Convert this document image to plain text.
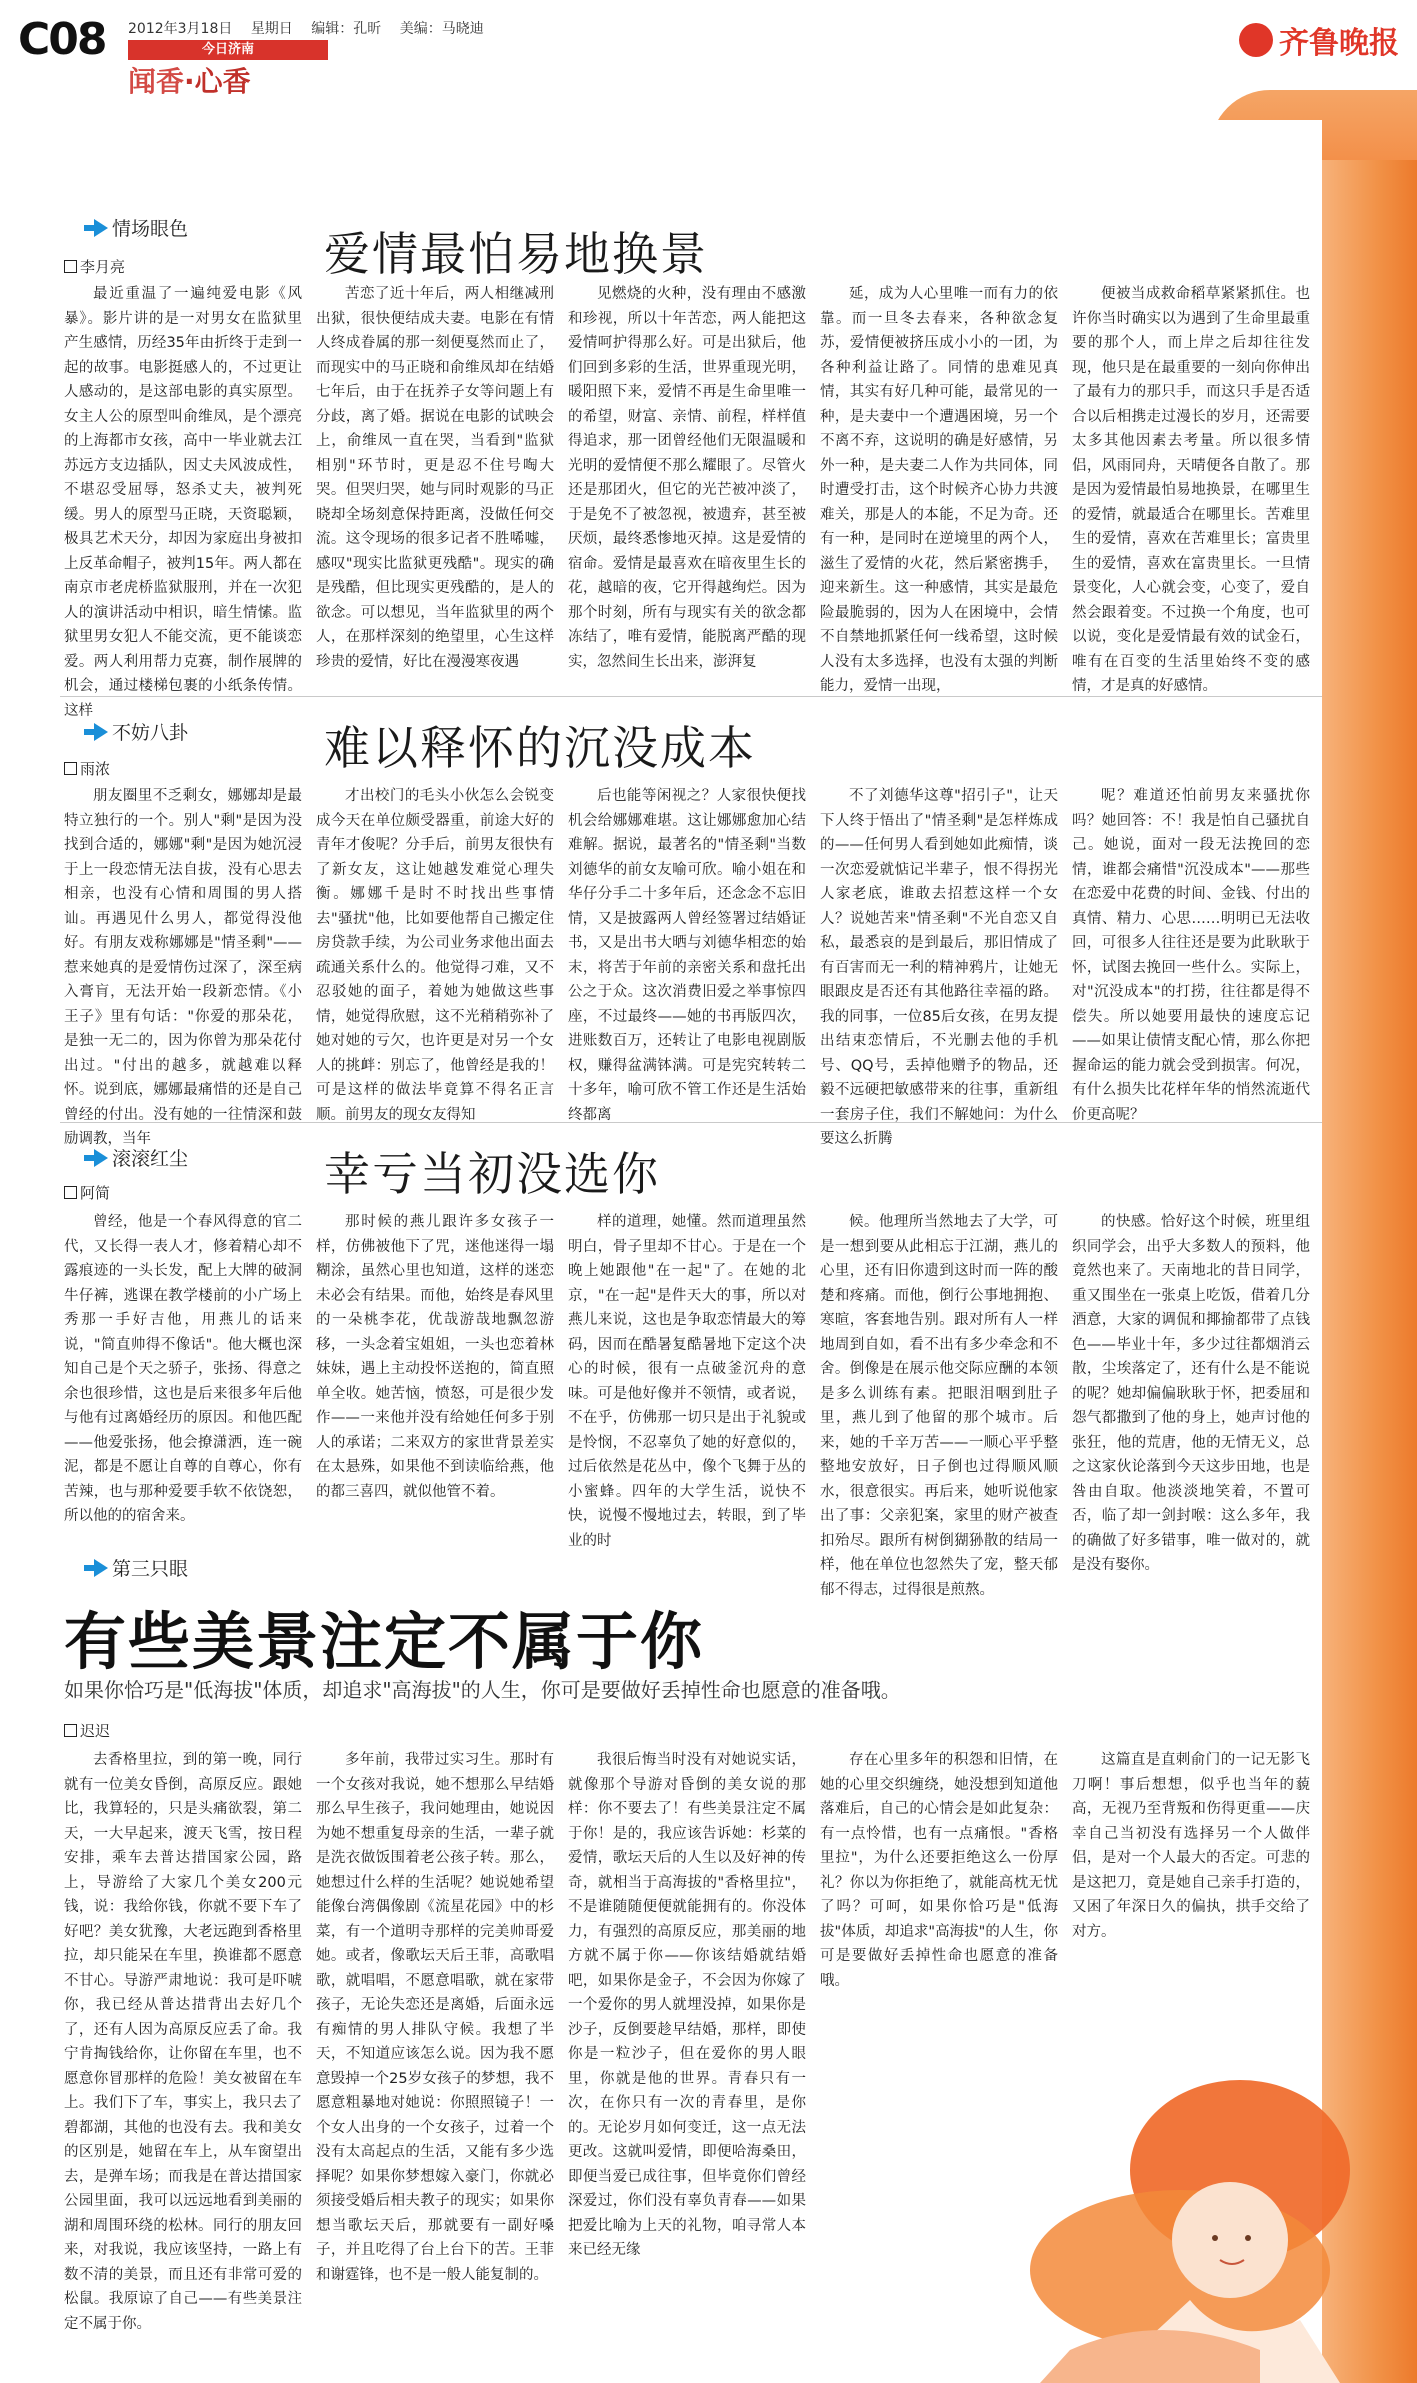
C08 2012年3月18日 星期日 编辑：孔昕 美编：马晓迪
今日济南
闻香·心香
齐鲁晚报
情场眼色	爱情最怕易地换景
李月亮
最近重温了一遍纯爱电影《风暴》。影片讲的是一对男女在监狱里产生感情，历经35年由折终于走到一起的故事。电影挺感人的，不过更让人感动的，是这部电影的真实原型。女主人公的原型叫俞维凤，是个漂亮的上海都市女孩，高中一毕业就去江苏远方支边插队，因丈夫风波成性，不堪忍受屈辱，怒杀丈夫，被判死缓。男人的原型马正晓，天资聪颖，极具艺术天分，却因为家庭出身被扣上反革命帽子，被判15年。两人都在南京市老虎桥监狱服刑，并在一次犯人的演讲活动中相识，暗生情愫。监狱里男女犯人不能交流，更不能谈恋爱。两人利用帮力克赛，制作展牌的机会，通过楼梯包裹的小纸条传情。这样
苦恋了近十年后，两人相继减刑出狱，很快便结成夫妻。电影在有情人终成眷属的那一刻便戛然而止了，而现实中的马正晓和俞维凤却在结婚七年后，由于在抚养子女等问题上有分歧，离了婚。据说在电影的试映会上，俞维凤一直在哭，当看到"监狱相别"环节时，更是忍不住号啕大哭。但哭归哭，她与同时观影的马正晓却全场刻意保持距离，没做任何交流。这令现场的很多记者不胜唏嘘，感叹"现实比监狱更残酷"。现实的确是残酷，但比现实更残酷的，是人的欲念。可以想见，当年监狱里的两个人，在那样深刻的绝望里，心生这样珍贵的爱情，好比在漫漫寒夜遇
见燃烧的火种，没有理由不感激和珍视，所以十年苦恋，两人能把这爱情呵护得那么好。可是出狱后，他们回到多彩的生活，世界重现光明，暖阳照下来，爱情不再是生命里唯一的希望，财富、亲情、前程，样样值得追求，那一团曾经他们无限温暖和光明的爱情便不那么耀眼了。尽管火还是那团火，但它的光芒被冲淡了，于是免不了被忽视，被遗弃，甚至被厌烦，最终悉惨地灭掉。这是爱情的宿命。爱情是最喜欢在暗夜里生长的花，越暗的夜，它开得越绚烂。因为那个时刻，所有与现实有关的欲念都冻结了，唯有爱情，能脱离严酷的现实，忽然间生长出来，澎湃复
延，成为人心里唯一而有力的依靠。而一旦冬去春来，各种欲念复苏，爱情便被挤压成小小的一团，为各种利益让路了。同情的患难见真情，其实有好几种可能，最常见的一种，是夫妻中一个遭遇困境，另一个不离不弃，这说明的确是好感情，另外一种，是夫妻二人作为共同体，同时遭受打击，这个时候齐心协力共渡难关，那是人的本能，不足为奇。还有一种，是同时在逆境里的两个人，滋生了爱情的火花，然后紧密携手，迎来新生。这一种感情，其实是最危险最脆弱的，因为人在困境中，会情不自禁地抓紧任何一线希望，这时候人没有太多选择，也没有太强的判断能力，爱情一出现，
便被当成救命稻草紧紧抓住。也许你当时确实以为遇到了生命里最重要的那个人，而上岸之后却往往发现，他只是在最重要的一刻向你伸出了最有力的那只手，而这只手是否适合以后相携走过漫长的岁月，还需要太多其他因素去考量。所以很多情侣，风雨同舟，天晴便各自散了。那是因为爱情最怕易地换景，在哪里生的爱情，就最适合在哪里长。苦难里生的爱情，喜欢在苦难里长；富贵里生的爱情，喜欢在富贵里长。一旦情景变化，人心就会变，心变了，爱自然会跟着变。不过换一个角度，也可以说，变化是爱情最有效的试金石，唯有在百变的生活里始终不变的感情，才是真的好感情。
不妨八卦	难以释怀的沉没成本
雨浓
朋友圈里不乏剩女，娜娜却是最特立独行的一个。别人"剩"是因为没找到合适的，娜娜"剩"是因为她沉浸于上一段恋情无法自拔，没有心思去相亲，也没有心情和周围的男人搭讪。再遇见什么男人，都觉得没他好。有朋友戏称娜娜是"情圣剩"——惹来她真的是爱情伤过深了，深至病入膏肓，无法开始一段新恋情。《小王子》里有句话："你爱的那朵花，是独一无二的，因为你曾为那朵花付出过。"付出的越多，就越难以释怀。说到底，娜娜最痛惜的还是自己曾经的付出。没有她的一往情深和鼓励调教，当年
才出校门的毛头小伙怎么会锐变成今天在单位颇受器重，前途大好的青年才俊呢？分手后，前男友很快有了新女友，这让她越发难觉心理失衡。娜娜千是时不时找出些事情去"骚扰"他，比如要他帮自己搬定住房贷款手续，为公司业务求他出面去疏通关系什么的。他觉得刁难，又不忍驳她的面子，着她为她做这些事情，她觉得欣慰，这不光稍稍弥补了她对她的亏欠，也许更是对另一个女人的挑衅：别忘了，他曾经是我的！可是这样的做法毕竟算不得名正言顺。前男友的现女友得知
后也能等闲视之？人家很快便找机会给娜娜难堪。这让娜娜愈加心结难解。据说，最著名的"情圣剩"当数刘德华的前女友喻可欣。喻小姐在和华仔分手二十多年后，还念念不忘旧情，又是披露两人曾经签署过结婚证书，又是出书大晒与刘德华相恋的始末，将苦于年前的亲密关系和盘托出公之于众。这次消费旧爱之举事惊四座，不过最终——她的书再版四次，进账数百万，还转让了电影电视剧版权，赚得盆满钵满。可是宪究转转二十多年，喻可欣不管工作还是生活始终都离
不了刘德华这尊"招引子"，让天下人终于悟出了"情圣剩"是怎样炼成的——任何男人看到她如此痴情，谈一次恋爱就惦记半辈子，恨不得拐光人家老底，谁敢去招惹这样一个女人？说她苦来"情圣剩"不光自恋又自私，最悉哀的是到最后，那旧情成了有百害而无一利的精神鸦片，让她无眼跟皮是否还有其他路往幸福的路。我的同事，一位85后女孩，在男友提出结束恋情后，不光删去他的手机号、QQ号，丢掉他赠予的物品，还毅不远硬把敏感带来的往事，重新组一套房子住，我们不解她问：为什么要这么折腾
呢？难道还怕前男友来骚扰你吗？她回答：不！我是怕自己骚扰自己。她说，面对一段无法挽回的恋情，谁都会痛惜"沉没成本"——那些在恋爱中花费的时间、金钱、付出的真情、精力、心思……明明已无法收回，可很多人往往还是要为此耿耿于怀，试图去挽回一些什么。实际上，对"沉没成本"的打捞，往往都是得不偿失。所以她要用最快的速度忘记——如果让债情支配心情，那么你把握命运的能力就会受到损害。何况，有什么损失比花样年华的悄然流逝代价更高呢？
滚滚红尘	幸亏当初没选你
阿简
曾经，他是一个春风得意的官二代，又长得一表人才，修着精心却不露痕迹的一头长发，配上大牌的破洞牛仔裤，逃课在教学楼前的小广场上秀那一手好吉他，用燕儿的话来说，"简直帅得不像话"。他大概也深知自己是个天之骄子，张扬、得意之余也很珍惜，这也是后来很多年后他与他有过离婚经历的原因。和他匹配——他爱张扬，他会撩潇洒，连一碗泥，都是不愿让自尊的自尊心，你有苦辣，也与那种爱要手软不依饶恕，所以他的的宿舍来。
那时候的燕儿跟许多女孩子一样，仿佛被他下了咒，迷他迷得一塌糊涂，虽然心里也知道，这样的迷恋未必会有结果。而他，始终是春风里的一朵桃李花，优哉游哉地飘忽游移，一头念着宝姐姐，一头也恋着林妹妹，遇上主动投怀送抱的，简直照单全收。她苦恼，愤怒，可是很少发作——一来他并没有给她任何多于别人的承诺；二来双方的家世背景差实在太悬殊，如果他不到读临给燕，他的都三喜四，就似他管不着。
样的道理，她懂。然而道理虽然明白，骨子里却不甘心。于是在一个晚上她跟他"在一起"了。在她的北京，"在一起"是件天大的事，所以对燕儿来说，这也是争取恋情最大的筹码，因而在酷暑复酷暑地下定这个决心的时候，很有一点破釜沉舟的意味。可是他好像并不领情，或者说，不在乎，仿佛那一切只是出于礼貌或是怜悯，不忍辜负了她的好意似的，过后依然是花丛中，像个飞舞于丛的小蜜蜂。四年的大学生活，说快不快，说慢不慢地过去，转眼，到了毕业的时
候。他理所当然地去了大学，可是一想到要从此相忘于江湖，燕儿的心里，还有旧你遗到这时而一阵的酸楚和疼痛。而他，倒行公事地拥抱、寒暄，客套地告别。跟对所有人一样地周到自如，看不出有多少牵念和不舍。倒像是在展示他交际应酬的本领是多么训练有素。把眼泪咽到肚子里，燕儿到了他留的那个城市。后来，她的千辛万苦——一顺心平乎整整地安放好，日子倒也过得顺风顺水，很意很实。再后来，她听说他家出了事：父亲犯案，家里的财产被查扣殆尽。跟所有树倒猢狲散的结局一样，他在单位也忽然失了宠，整天郁郁不得志，过得很是煎熬。
的快感。恰好这个时候，班里组织同学会，出乎大多数人的预料，他竟然也来了。天南地北的昔日同学，重又围坐在一张桌上吃饭，借着几分酒意，大家的调侃和揶揄都带了点钱色——毕业十年，多少过往都烟消云散，尘埃落定了，还有什么是不能说的呢？她却偏偏耿耿于怀，把委屈和怨气都撒到了他的身上，她声讨他的张狂，他的荒唐，他的无情无义，总之这家伙论落到今天这步田地，也是咎由自取。他淡淡地笑着，不置可否，临了却一剑封喉：这么多年，我的确做了好多错事，唯一做对的，就是没有娶你。
第三只眼
有些美景注定不属于你
如果你恰巧是"低海拔"体质，却追求"高海拔"的人生，你可是要做好丢掉性命也愿意的准备哦。
迟迟
去香格里拉，到的第一晚，同行就有一位美女昏倒，高原反应。跟她比，我算轻的，只是头痛欲裂，第二天，一大早起来，渡天飞雪，按日程安排，乘车去普达措国家公园，路上，导游给了大家几个美女200元钱，说：我给你钱，你就不要下车了好吧？美女犹豫，大老远跑到香格里拉，却只能呆在车里，换谁都不愿意不甘心。导游严肃地说：我可是吓唬你，我已经从普达措背出去好几个了，还有人因为高原反应丢了命。我宁肯掏钱给你，让你留在车里，也不愿意你冒那样的危险！美女被留在车上。我们下了车，事实上，我只去了碧都湖，其他的也没有去。我和美女的区别是，她留在车上，从车窗望出去，是弹车场；而我是在普达措国家公园里面，我可以远远地看到美丽的湖和周围环绕的松林。同行的朋友回来，对我说，我应该坚持，一路上有数不清的美景，而且还有非常可爱的松鼠。我原谅了自己——有些美景注定不属于你。
多年前，我带过实习生。那时有一个女孩对我说，她不想那么早结婚那么早生孩子，我问她理由，她说因为她不想重复母亲的生活，一辈子就是洗衣做饭围着老公孩子转。那么，她想过什么样的生活呢？她说她希望能像台湾偶像剧《流星花园》中的杉菜，有一个道明寺那样的完美帅哥爱她。或者，像歌坛天后王菲，高歌唱歌，就唱唱，不愿意唱歌，就在家带孩子，无论失恋还是离婚，后面永远有痴情的男人排队守候。我想了半天，不知道应该怎么说。因为我不愿意毁掉一个25岁女孩子的梦想，我不愿意粗暴地对她说：你照照镜子！一个女人出身的一个女孩子，过着一个没有太高起点的生活，又能有多少选择呢？如果你梦想嫁入豪门，你就必须接受婚后相夫教子的现实；如果你想当歌坛天后，那就要有一副好嗓子，并且吃得了台上台下的苦。王菲和谢霆锋，也不是一般人能复制的。
我很后悔当时没有对她说实话，就像那个导游对昏倒的美女说的那样：你不要去了！有些美景注定不属于你！是的，我应该告诉她：杉菜的爱情，歌坛天后的人生以及好神的传奇，就相当于高海拔的"香格里拉"，不是谁随随便便就能拥有的。你没体力，有强烈的高原反应，那美丽的地方就不属于你——你该结婚就结婚吧，如果你是金子，不会因为你嫁了一个爱你的男人就埋没掉，如果你是沙子，反倒要趁早结婚，那样，即使你是一粒沙子，但在爱你的男人眼里，你就是他的世界。青春只有一次，在你只有一次的青春里，是你的。无论岁月如何变迁，这一点无法更改。这就叫爱情，即便哈海桑田，即便当爱已成往事，但毕竟你们曾经深爱过，你们没有辜负青春——如果把爱比喻为上天的礼物，咱寻常人本来已经无缘
存在心里多年的积怨和旧情，在她的心里交织缠绕，她没想到知道他落难后，自己的心情会是如此复杂：有一点怜惜，也有一点痛恨。"香格里拉"，为什么还要拒绝这么一份厚礼？你以为你拒绝了，就能高枕无忧了吗？可呵，如果你恰巧是"低海拔"体质，却追求"高海拔"的人生，你可是要做好丢掉性命也愿意的准备哦。
这篇直是直刺俞门的一记无影飞刀啊！事后想想，似乎也当年的藐高，无视乃至背叛和伤得更重——庆幸自己当初没有选择另一个人做伴侣，是对一个人最大的否定。可悲的是这把刀，竟是她自己亲手打造的，又困了年深日久的偏执，拱手交给了对方。
